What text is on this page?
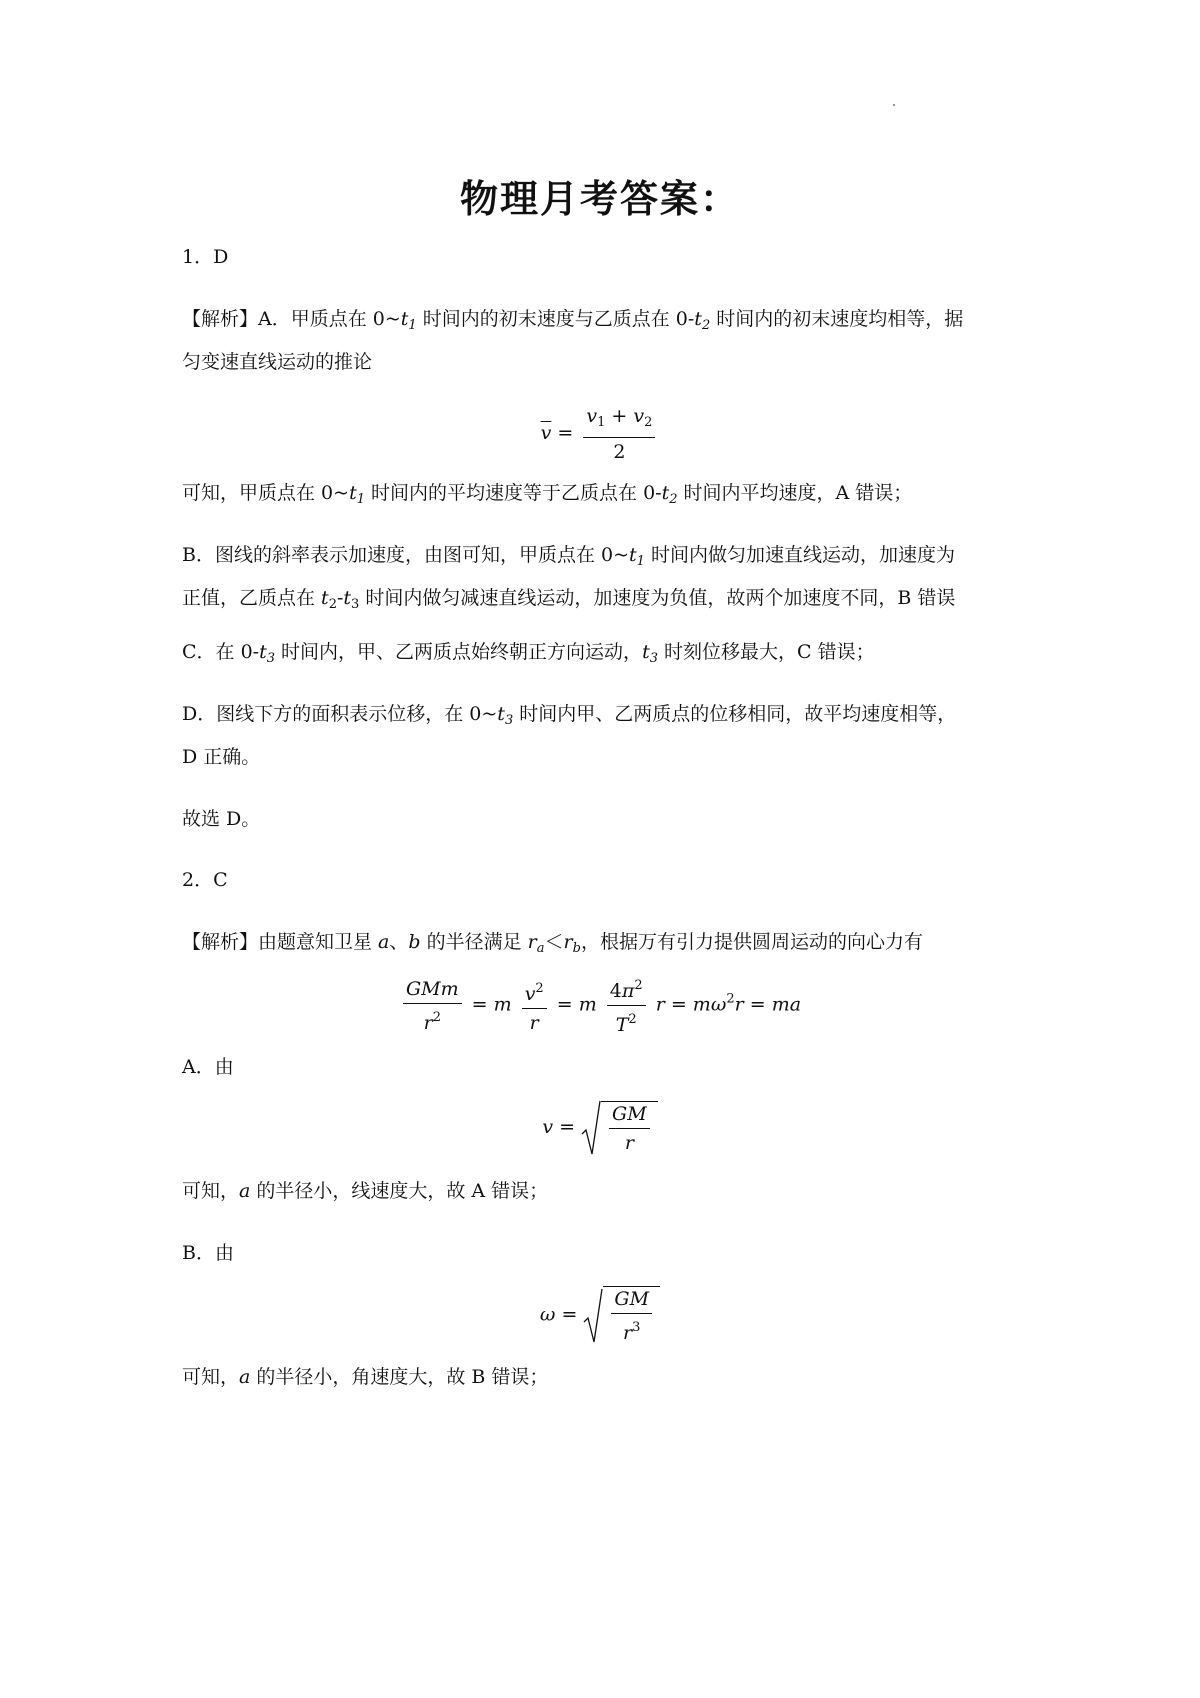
物理月考答案：
1．D
【解析】A．甲质点在 $0\sim t_1$ 时间内的初末速度与乙质点在 $0-t_2$ 时间内的初末速度均相等，据
匀变速直线运动的推论
$\overline{v} = \frac{v_1 + v_2}{2}$
可知，甲质点在 $0\sim t_1$ 时间内的平均速度等于乙质点在 $0-t_2$ 时间内平均速度，A 错误；
B．图线的斜率表示加速度，由图可知，甲质点在 $0\sim t_1$ 时间内做匀加速直线运动，加速度为
正值，乙质点在 $t_2-t_3$ 时间内做匀减速直线运动，加速度为负值，故两个加速度不同，B 错误
C．在 $0-t_3$ 时间内，甲、乙两质点始终朝正方向运动，$t_3$ 时刻位移最大，C 错误；
D．图线下方的面积表示位移，在 $0\sim t_3$ 时间内甲、乙两质点的位移相同，故平均速度相等，
D 正确。
故选 D。
2．C
【解析】由题意知卫星 a、b 的半径满足 $r_a<r_b$，根据万有引力提供圆周运动的向心力有
$\frac{\text{GMm}}{r^2} = m \frac{v^2}{r} = m \frac{4\pi^2}{T^2}$ $r = m\omega^2r$ = ma
A．由
$v = \frac{GM}{r}$
可知，a 的半径小，线速度大，故 A 错误；
B．由
$\omega = \frac{GM}{r^3}$
可知，a 的半径小，角速度大，故 B 错误；
